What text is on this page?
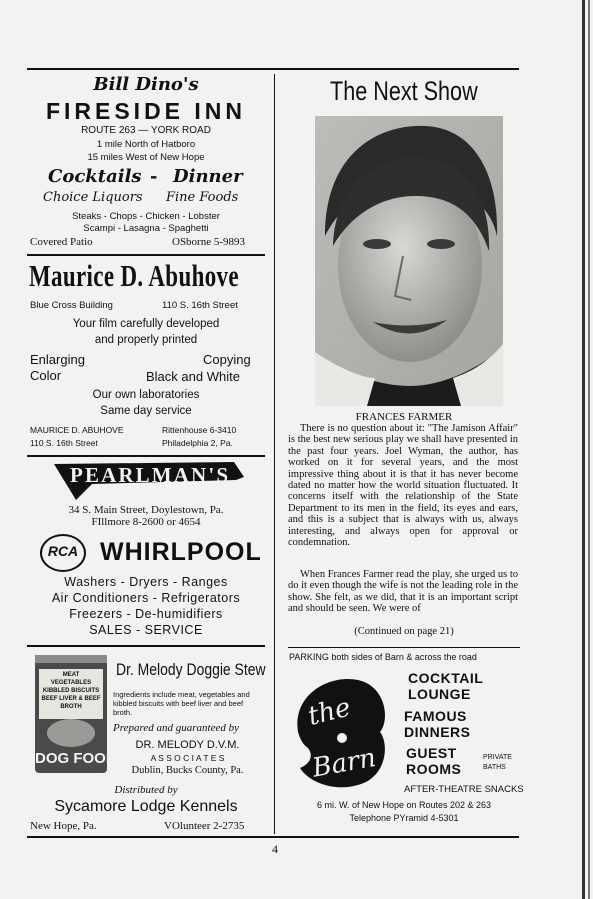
Bill Dino's
FIRESIDE INN
ROUTE 263 — YORK ROAD
1 mile North of Hatboro
15 miles West of New Hope
Cocktails - Dinner
Choice Liquors Fine Foods
Steaks - Chops - Chicken - Lobster
Scampi - Lasagna - Spaghetti
Covered Patio	OSborne 5-9893
Maurice D. Abuhove
Blue Cross Building	110 S. 16th Street
Your film carefully developed
and properly printed
Enlarging	Copying
Color	Black and White
Our own laboratories
Same day service
MAURICE D. ABUHOVE	Rittenhouse 6-3410
110 S. 16th Street	Philadelphia 2, Pa.
PEARLMAN'S
34 S. Main Street, Doylestown, Pa.
FIllmore 8-2600 or 4654
RCA WHIRLPOOL
Washers - Dryers - Ranges
Air Conditioners - Refrigerators
Freezers - De-humidifiers
SALES - SERVICE
MEAT
VEGETABLES
KIBBLED BISCUITS
BEEF LIVER & BEEF BROTH
DOG FOOD
Dr. Melody Doggie Stew
Ingredients include meat, vegetables and kibbled biscuits with beef liver and beef broth.
Prepared and guaranteed by
DR. MELODY D.V.M.
A S S O C I A T E S
Dublin, Bucks County, Pa.
Distributed by
Sycamore Lodge Kennels
New Hope, Pa.	VOlunteer 2-2735
The Next Show
FRANCES FARMER
There is no question about it: "The Jamison Affair" is the best new serious play we shall have presented in the past four years. Joel Wyman, the author, has worked on it for several years, and the most impressive thing about it is that it has never become dated no matter how the world situation fluctuated. It concerns itself with the relationship of the State Department to its men in the field, its eyes and ears, and this is a subject that is always with us, always interesting, and always open for approval or condemnation.
When Frances Farmer read the play, she urged us to do it even though the wife is not the leading role in the show. She felt, as we did, that it is an important script and should be seen. We were of
(Continued on page 21)
PARKING both sides of Barn & across the road
the
Barn
COCKTAIL
LOUNGE
FAMOUS
DINNERS
GUEST
ROOMS
PRIVATE
BATHS
AFTER-THEATRE SNACKS
6 mi. W. of New Hope on Routes 202 & 263
Telephone PYramid 4-5301
4
